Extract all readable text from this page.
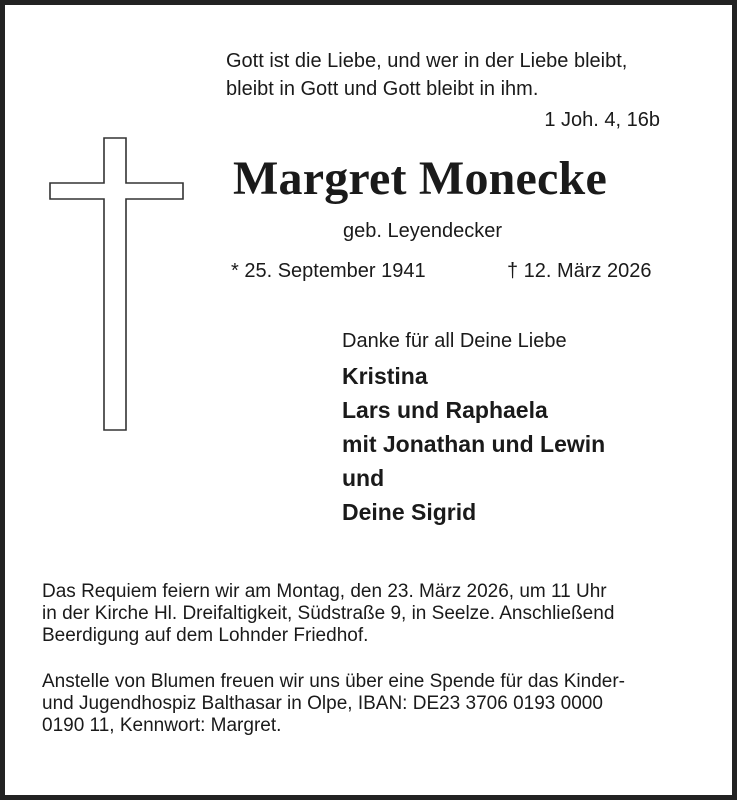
Gott ist die Liebe, und wer in der Liebe bleibt,
bleibt in Gott und Gott bleibt in ihm.
1 Joh. 4, 16b
Margret Monecke
geb. Leyendecker
* 25. September 1941	† 12. März 2026
Danke für all Deine Liebe
Kristina
Lars und Raphaela
mit Jonathan und Lewin
und
Deine Sigrid
Das Requiem feiern wir am Montag, den 23. März 2026, um 11 Uhr
in der Kirche Hl. Dreifaltigkeit, Südstraße 9, in Seelze. Anschließend
Beerdigung auf dem Lohnder Friedhof.
Anstelle von Blumen freuen wir uns über eine Spende für das Kinder-
und Jugendhospiz Balthasar in Olpe, IBAN: DE23 3706 0193 0000
0190 11, Kennwort: Margret.
